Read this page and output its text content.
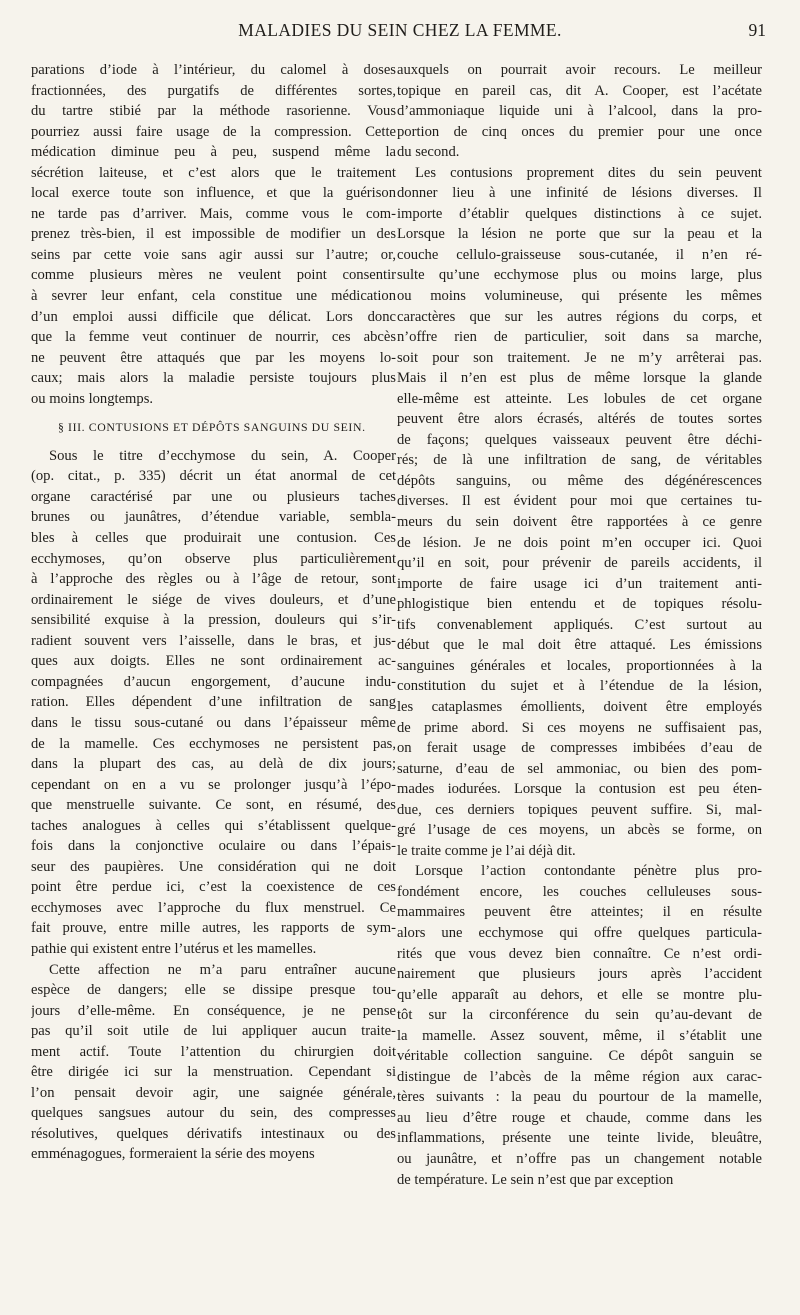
MALADIES DU SEIN CHEZ LA FEMME.	91
parations d’iode à l’intérieur, du calomel à doses
fractionnées, des purgatifs de différentes sortes,
du tartre stibié par la méthode rasorienne. Vous
pourriez aussi faire usage de la compression. Cette
médication diminue peu à peu, suspend même la
sécrétion laiteuse, et c’est alors que le traitement
local exerce toute son influence, et que la guérison
ne tarde pas d’arriver. Mais, comme vous le com-
prenez très-bien, il est impossible de modifier un des
seins par cette voie sans agir aussi sur l’autre; or,
comme plusieurs mères ne veulent point consentir
à sevrer leur enfant, cela constitue une médication
d’un emploi aussi difficile que délicat. Lors donc
que la femme veut continuer de nourrir, ces abcès
ne peuvent être attaqués que par les moyens lo-
caux; mais alors la maladie persiste toujours plus
ou moins longtemps.
§ III. CONTUSIONS ET DÉPÔTS SANGUINS DU SEIN.
Sous le titre d’ecchymose du sein, A. Cooper
(op. citat., p. 335) décrit un état anormal de cet
organe caractérisé par une ou plusieurs taches
brunes ou jaunâtres, d’étendue variable, sembla-
bles à celles que produirait une contusion. Ces
ecchymoses, qu’on observe plus particulièrement
à l’approche des règles ou à l’âge de retour, sont
ordinairement le siége de vives douleurs, et d’une
sensibilité exquise à la pression, douleurs qui s’ir-
radient souvent vers l’aisselle, dans le bras, et jus-
ques aux doigts. Elles ne sont ordinairement ac-
compagnées d’aucun engorgement, d’aucune indu-
ration. Elles dépendent d’une infiltration de sang
dans le tissu sous-cutané ou dans l’épaisseur même
de la mamelle. Ces ecchymoses ne persistent pas,
dans la plupart des cas, au delà de dix jours;
cependant on en a vu se prolonger jusqu’à l’épo-
que menstruelle suivante. Ce sont, en résumé, des
taches analogues à celles qui s’établissent quelque-
fois dans la conjonctive oculaire ou dans l’épais-
seur des paupières. Une considération qui ne doit
point être perdue ici, c’est la coexistence de ces
ecchymoses avec l’approche du flux menstruel. Ce
fait prouve, entre mille autres, les rapports de sym-
pathie qui existent entre l’utérus et les mamelles.
Cette affection ne m’a paru entraîner aucune
espèce de dangers; elle se dissipe presque tou-
jours d’elle-même. En conséquence, je ne pense
pas qu’il soit utile de lui appliquer aucun traite-
ment actif. Toute l’attention du chirurgien doit
être dirigée ici sur la menstruation. Cependant si
l’on pensait devoir agir, une saignée générale,
quelques sangsues autour du sein, des compresses
résolutives, quelques dérivatifs intestinaux ou des
emménagogues, formeraient la série des moyens
auxquels on pourrait avoir recours. Le meilleur
topique en pareil cas, dit A. Cooper, est l’acétate
d’ammoniaque liquide uni à l’alcool, dans la pro-
portion de cinq onces du premier pour une once
du second.
Les contusions proprement dites du sein peuvent
donner lieu à une infinité de lésions diverses. Il
importe d’établir quelques distinctions à ce sujet.
Lorsque la lésion ne porte que sur la peau et la
couche cellulo-graisseuse sous-cutanée, il n’en ré-
sulte qu’une ecchymose plus ou moins large, plus
ou moins volumineuse, qui présente les mêmes
caractères que sur les autres régions du corps, et
n’offre rien de particulier, soit dans sa marche,
soit pour son traitement. Je ne m’y arrêterai pas.
Mais il n’en est plus de même lorsque la glande
elle-même est atteinte. Les lobules de cet organe
peuvent être alors écrasés, altérés de toutes sortes
de façons; quelques vaisseaux peuvent être déchi-
rés; de là une infiltration de sang, de véritables
dépôts sanguins, ou même des dégénérescences
diverses. Il est évident pour moi que certaines tu-
meurs du sein doivent être rapportées à ce genre
de lésion. Je ne dois point m’en occuper ici. Quoi
qu’il en soit, pour prévenir de pareils accidents, il
importe de faire usage ici d’un traitement anti-
phlogistique bien entendu et de topiques résolu-
tifs convenablement appliqués. C’est surtout au
début que le mal doit être attaqué. Les émissions
sanguines générales et locales, proportionnées à la
constitution du sujet et à l’étendue de la lésion,
les cataplasmes émollients, doivent être employés
de prime abord. Si ces moyens ne suffisaient pas,
on ferait usage de compresses imbibées d’eau de
saturne, d’eau de sel ammoniac, ou bien des pom-
mades iodurées. Lorsque la contusion est peu éten-
due, ces derniers topiques peuvent suffire. Si, mal-
gré l’usage de ces moyens, un abcès se forme, on
le traite comme je l’ai déjà dit.
Lorsque l’action contondante pénètre plus pro-
fondément encore, les couches celluleuses sous-
mammaires peuvent être atteintes; il en résulte
alors une ecchymose qui offre quelques particula-
rités que vous devez bien connaître. Ce n’est ordi-
nairement que plusieurs jours après l’accident
qu’elle apparaît au dehors, et elle se montre plu-
tôt sur la circonférence du sein qu’au-devant de
la mamelle. Assez souvent, même, il s’établit une
véritable collection sanguine. Ce dépôt sanguin se
distingue de l’abcès de la même région aux carac-
tères suivants : la peau du pourtour de la mamelle,
au lieu d’être rouge et chaude, comme dans les
inflammations, présente une teinte livide, bleuâtre,
ou jaunâtre, et n’offre pas un changement notable
de température. Le sein n’est que par exception
